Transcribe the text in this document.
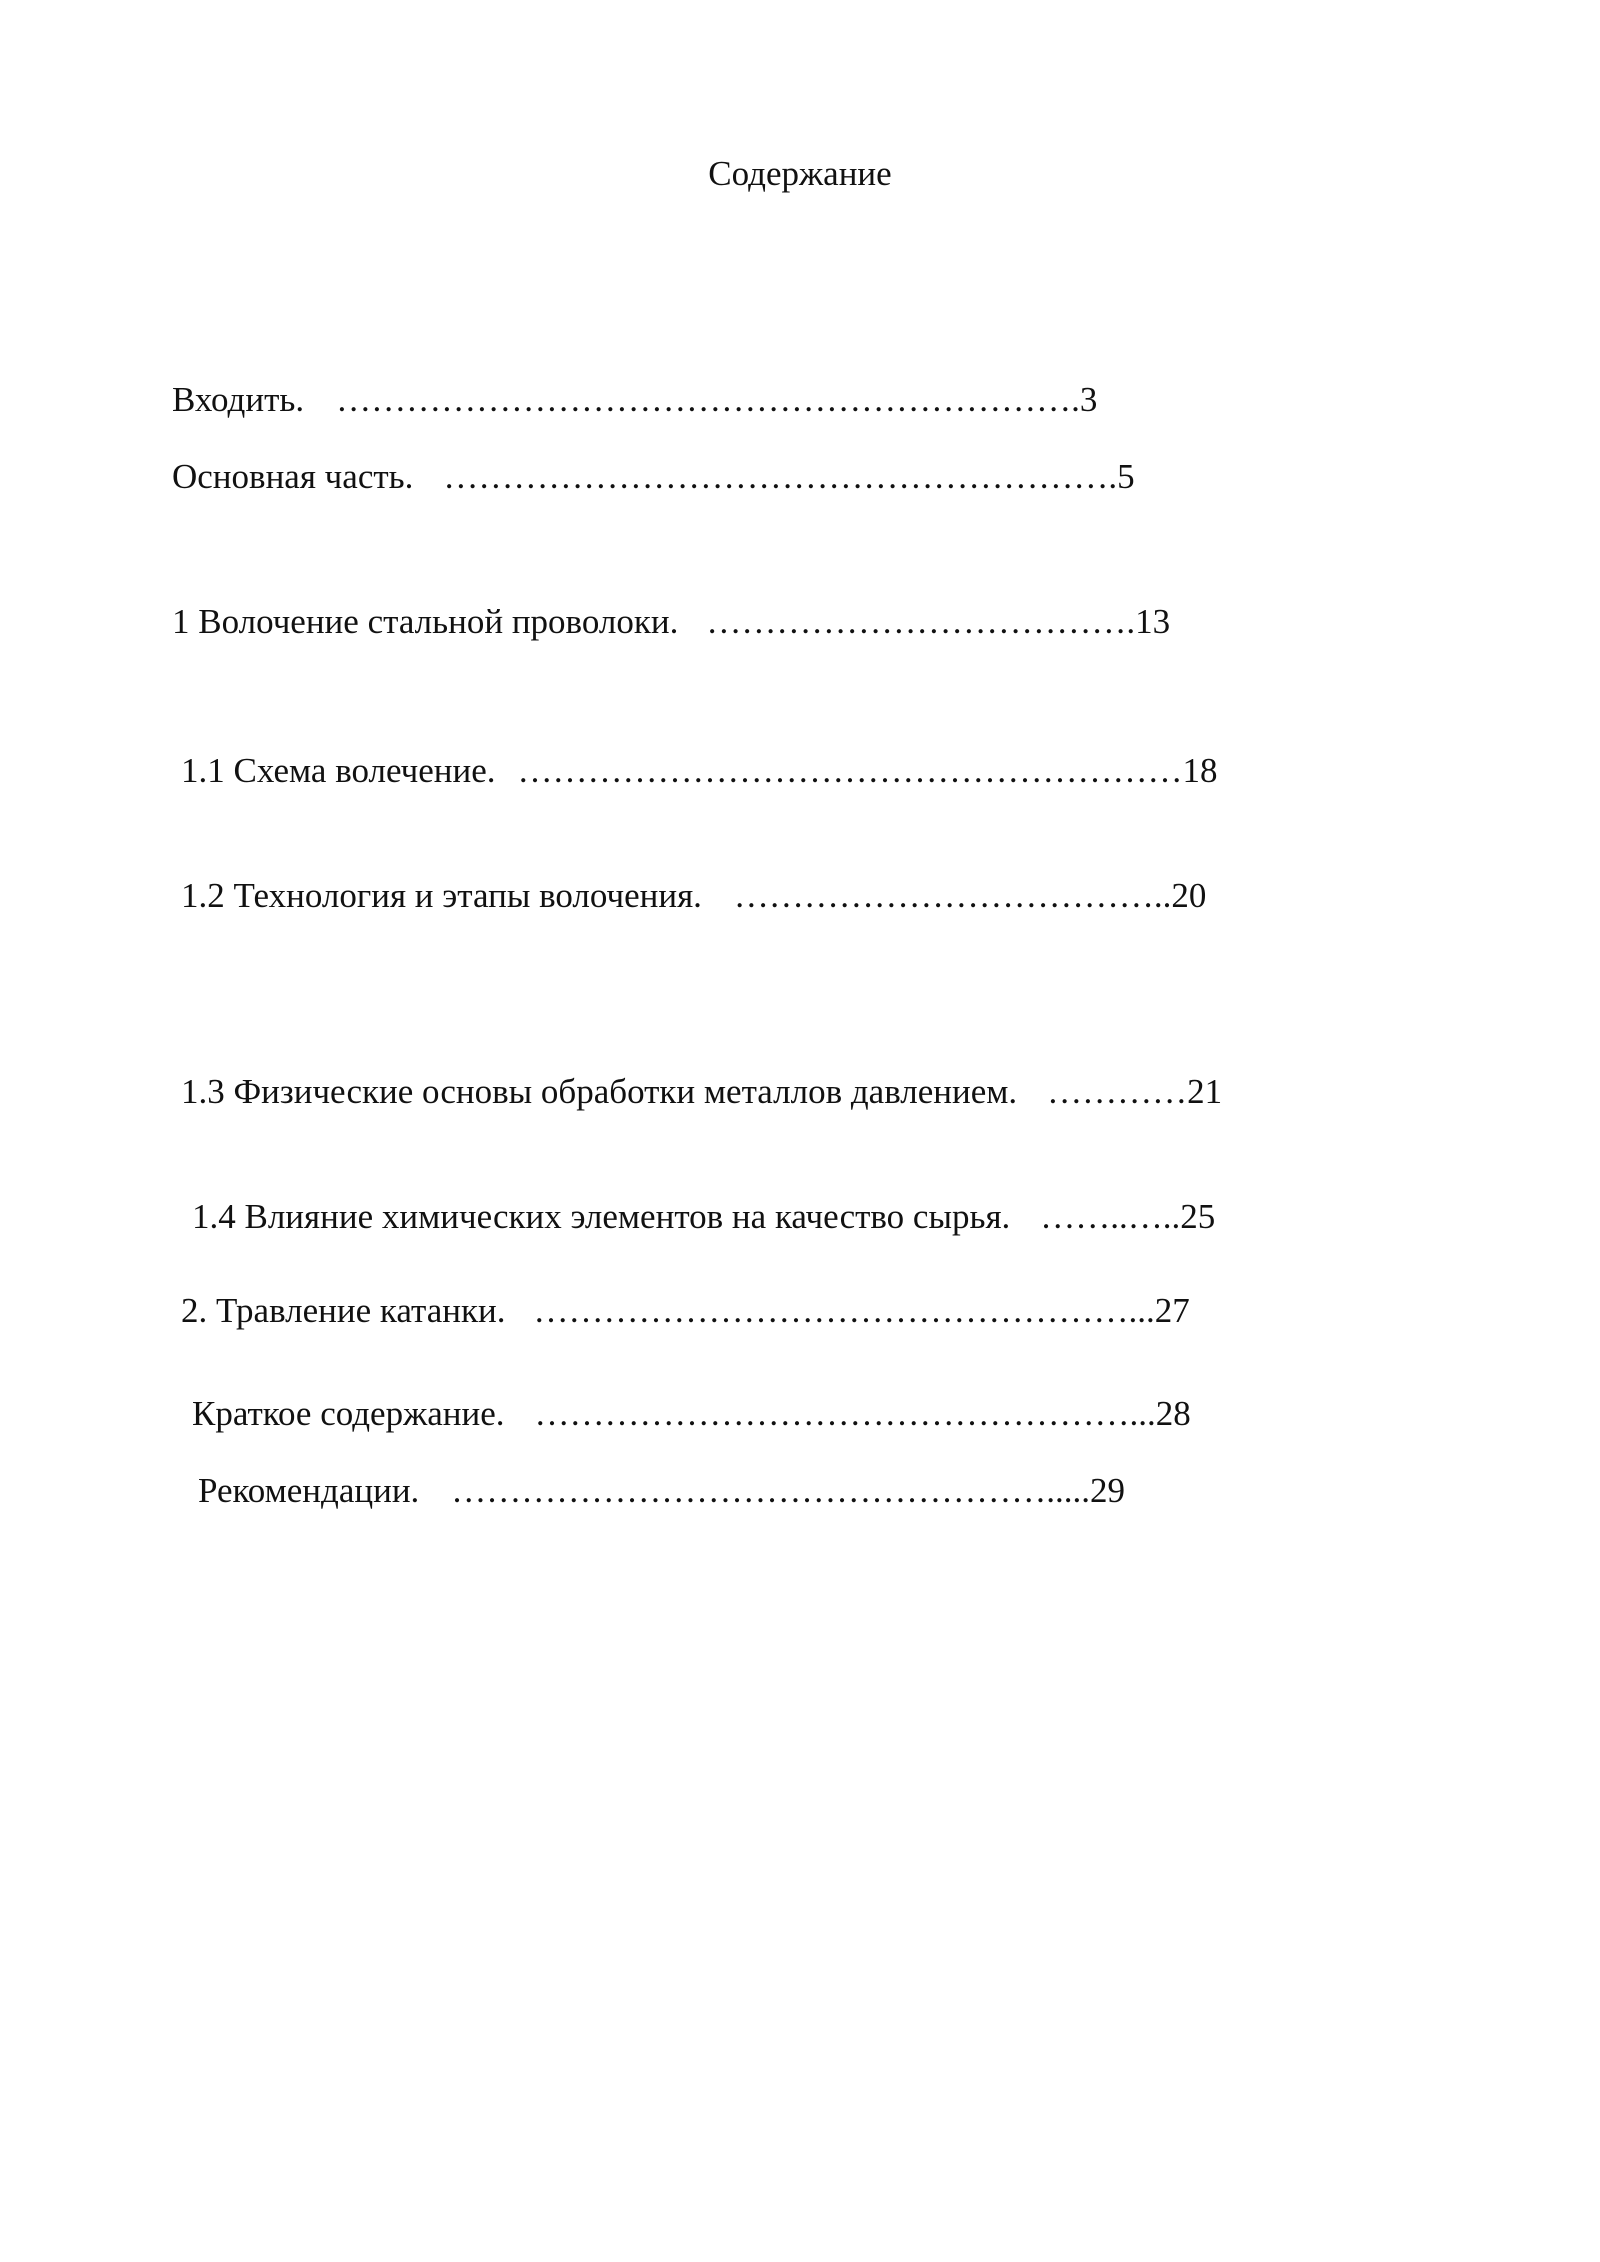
Содержание
Входить. ……………………………………………………….3
Основная часть. ………………………………………………….5
1 Волочение стальной проволоки. ……………………………….13
1.1 Схема волечение. …………………………………………………18
1.2 Технология и этапы волочения. ………………………………..20
1.3 Физические основы обработки металлов давлением. …………21
1.4 Влияние химических элементов на качество сырья. ……..…..25
2. Травление катанки. ……………………………………………...27
Краткое содержание. ……………………………………………...28
Рекомендации. …………………………………………….....29
